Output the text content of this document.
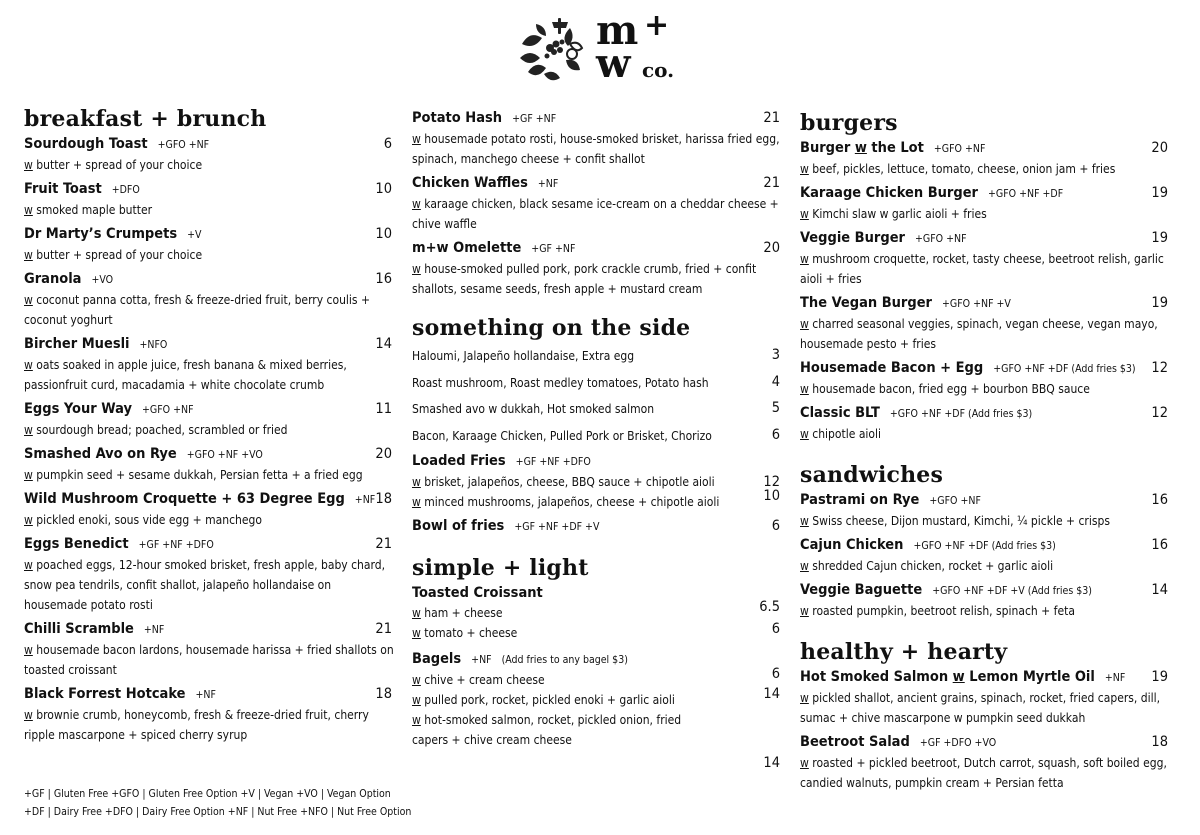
m
w
+
co.
breakfast + brunch
Sourdough Toast +GFO +NF	6
w butter + spread of your choice
Fruit Toast +DFO	10
w smoked maple butter
Dr Marty’s Crumpets +V	10
w butter + spread of your choice
Granola +VO	16
w coconut panna cotta, fresh & freeze-dried fruit, berry coulis + coconut yoghurt
Bircher Muesli +NFO	14
w oats soaked in apple juice, fresh banana & mixed berries, passionfruit curd, macadamia + white chocolate crumb
Eggs Your Way +GFO +NF	11
w sourdough bread; poached, scrambled or fried
Smashed Avo on Rye +GFO +NF +VO	20
w pumpkin seed + sesame dukkah, Persian fetta + a fried egg
Wild Mushroom Croquette + 63 Degree Egg +NF 18
w pickled enoki, sous vide egg + manchego
Eggs Benedict +GF +NF +DFO	21
w poached eggs, 12-hour smoked brisket, fresh apple, baby chard, snow pea tendrils, confit shallot, jalapeño hollandaise on housemade potato rosti
Chilli Scramble +NF	21
w housemade bacon lardons, housemade harissa + fried shallots on toasted croissant
Black Forrest Hotcake +NF	18
w brownie crumb, honeycomb, fresh & freeze-dried fruit, cherry ripple mascarpone + spiced cherry syrup
Potato Hash +GF +NF	21
w housemade potato rosti, house-smoked brisket, harissa fried egg, spinach, manchego cheese + confit shallot
Chicken Waffles +NF	21
w karaage chicken, black sesame ice-cream on a cheddar cheese + chive waffle
m+w Omelette +GF +NF	20
w house-smoked pulled pork, pork crackle crumb, fried + confit shallots, sesame seeds, fresh apple + mustard cream
something on the side
Haloumi, Jalapeño hollandaise, Extra egg	3
Roast mushroom, Roast medley tomatoes, Potato hash	4
Smashed avo w dukkah, Hot smoked salmon	5
Bacon, Karaage Chicken, Pulled Pork or Brisket, Chorizo	6
Loaded Fries +GF +NF +DFO
w brisket, jalapeños, cheese, BBQ sauce + chipotle aioli	12
w minced mushrooms, jalapeños, cheese + chipotle aioli	10
Bowl of fries +GF +NF +DF +V	6
simple + light
Toasted Croissant
w ham + cheese	6.5
w tomato + cheese	6
Bagels +NF (Add fries to any bagel $3)
w chive + cream cheese	6
w pulled pork, rocket, pickled enoki + garlic aioli	14
w hot-smoked salmon, rocket, pickled onion, fried capers + chive cream cheese
14
burgers
Burger w the Lot +GFO +NF	20
w beef, pickles, lettuce, tomato, cheese, onion jam + fries
Karaage Chicken Burger +GFO +NF +DF	19
w Kimchi slaw w garlic aioli + fries
Veggie Burger +GFO +NF	19
w mushroom croquette, rocket, tasty cheese, beetroot relish, garlic aioli + fries
The Vegan Burger +GFO +NF +V	19
w charred seasonal veggies, spinach, vegan cheese, vegan mayo, housemade pesto + fries
Housemade Bacon + Egg +GFO +NF +DF (Add fries $3) 12
w housemade bacon, fried egg + bourbon BBQ sauce
Classic BLT +GFO +NF +DF (Add fries $3)	12
w chipotle aioli
sandwiches
Pastrami on Rye +GFO +NF	16
w Swiss cheese, Dijon mustard, Kimchi, ¼ pickle + crisps
Cajun Chicken +GFO +NF +DF (Add fries $3)	16
w shredded Cajun chicken, rocket + garlic aioli
Veggie Baguette +GFO +NF +DF +V (Add fries $3)	14
w roasted pumpkin, beetroot relish, spinach + feta
healthy + hearty
Hot Smoked Salmon w Lemon Myrtle Oil +NF 19
w pickled shallot, ancient grains, spinach, rocket, fried capers, dill, sumac + chive mascarpone w pumpkin seed dukkah
Beetroot Salad +GF +DFO +VO	18
w roasted + pickled beetroot, Dutch carrot, squash, soft boiled egg, candied walnuts, pumpkin cream + Persian fetta
+GF | Gluten Free +GFO | Gluten Free Option +V | Vegan +VO | Vegan Option
+DF | Dairy Free +DFO | Dairy Free Option +NF | Nut Free +NFO | Nut Free Option
